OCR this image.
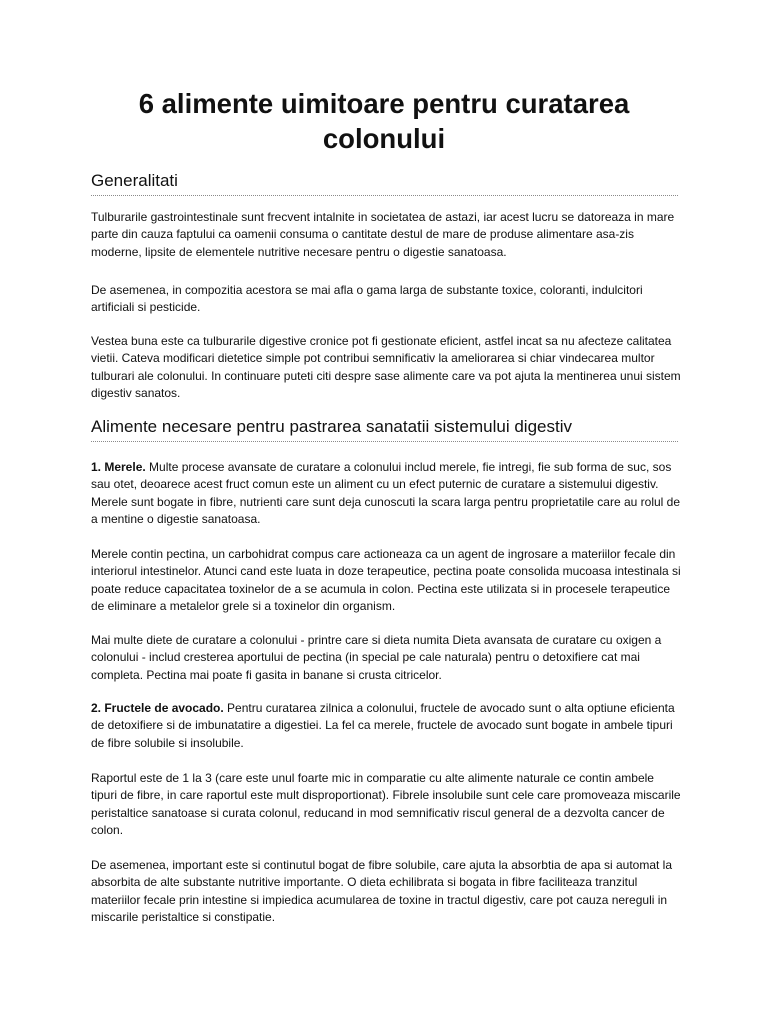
6 alimente uimitoare pentru curatarea colonului
Generalitati

Tulburarile gastrointestinale sunt frecvent intalnite in societatea de astazi, iar acest lucru se datoreaza in mare parte din cauza faptului ca oamenii consuma o cantitate destul de mare de produse alimentare asa-zis moderne, lipsite de elementele nutritive necesare pentru o digestie sanatoasa.

De asemenea, in compozitia acestora se mai afla o gama larga de substante toxice, coloranti, indulcitori artificiali si pesticide.

Vestea buna este ca tulburarile digestive cronice pot fi gestionate eficient, astfel incat sa nu afecteze calitatea vietii. Cateva modificari dietetice simple pot contribui semnificativ la ameliorarea si chiar vindecarea multor tulburari ale colonului. In continuare puteti citi despre sase alimente care va pot ajuta la mentinerea unui sistem digestiv sanatos.

Alimente necesare pentru pastrarea sanatatii sistemului digestiv

1. Merele. Multe procese avansate de curatare a colonului includ merele, fie intregi, fie sub forma de suc, sos sau otet, deoarece acest fruct comun este un aliment cu un efect puternic de curatare a sistemului digestiv. Merele sunt bogate in fibre, nutrienti care sunt deja cunoscuti la scara larga pentru proprietatile care au rolul de a mentine o digestie sanatoasa.

Merele contin pectina, un carbohidrat compus care actioneaza ca un agent de ingrosare a materiilor fecale din interiorul intestinelor. Atunci cand este luata in doze terapeutice, pectina poate consolida mucoasa intestinala si poate reduce capacitatea toxinelor de a se acumula in colon. Pectina este utilizata si in procesele terapeutice de eliminare a metalelor grele si a toxinelor din organism.

Mai multe diete de curatare a colonului - printre care si dieta numita Dieta avansata de curatare cu oxigen a colonului - includ cresterea aportului de pectina (in special pe cale naturala) pentru o detoxifiere cat mai completa. Pectina mai poate fi gasita in banane si crusta citricelor.

2. Fructele de avocado. Pentru curatarea zilnica a colonului, fructele de avocado sunt o alta optiune eficienta de detoxifiere si de imbunatatire a digestiei. La fel ca merele, fructele de avocado sunt bogate in ambele tipuri de fibre solubile si insolubile.

Raportul este de 1 la 3 (care este unul foarte mic in comparatie cu alte alimente naturale ce contin ambele tipuri de fibre, in care raportul este mult disproportionat). Fibrele insolubile sunt cele care promoveaza miscarile peristaltice sanatoase si curata colonul, reducand in mod semnificativ riscul general de a dezvolta cancer de colon.

De asemenea, important este si continutul bogat de fibre solubile, care ajuta la absorbtia de apa si automat la absorbita de alte substante nutritive importante. O dieta echilibrata si bogata in fibre faciliteaza tranzitul materiilor fecale prin intestine si impiedica acumularea de toxine in tractul digestiv, care pot cauza nereguli in miscarile peristaltice si constipatie.
